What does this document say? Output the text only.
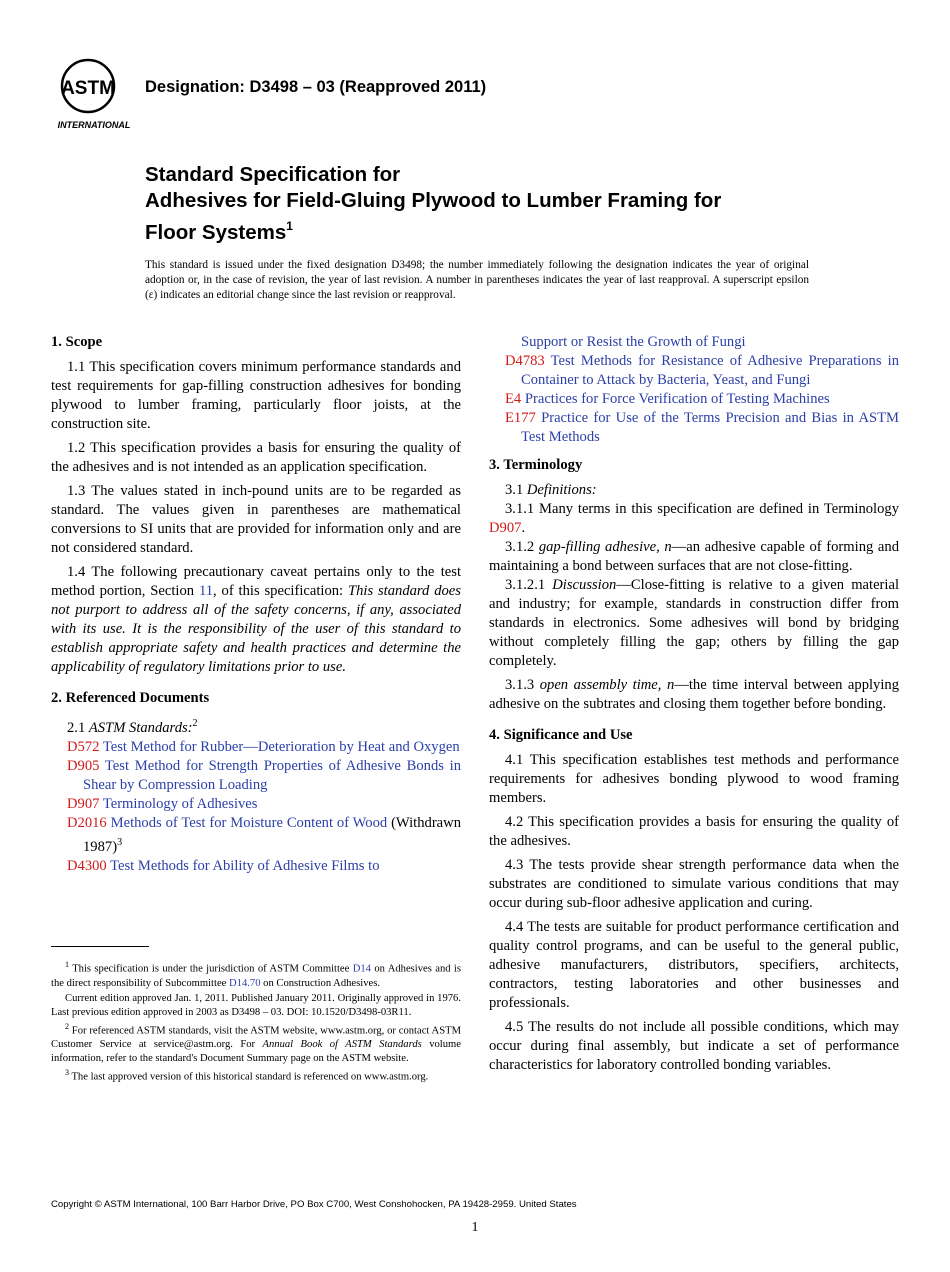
ASTM
INTERNATIONAL
Designation: D3498 – 03 (Reapproved 2011)
Standard Specification for
Adhesives for Field-Gluing Plywood to Lumber Framing for
Floor Systems$^1$
This standard is issued under the fixed designation D3498; the number immediately following the designation indicates the year of original adoption or, in the case of revision, the year of last revision. A number in parentheses indicates the year of last reapproval. A superscript epsilon (ε) indicates an editorial change since the last revision or reapproval.
1. Scope

1.1 This specification covers minimum performance standards and test requirements for gap-filling construction adhesives for bonding plywood to lumber framing, particularly floor joists, at the construction site.

1.2 This specification provides a basis for ensuring the quality of the adhesives and is not intended as an application specification.

1.3 The values stated in inch-pound units are to be regarded as standard. The values given in parentheses are mathematical conversions to SI units that are provided for information only and are not considered standard.

1.4 The following precautionary caveat pertains only to the test method portion, Section 11, of this specification: This standard does not purport to address all of the safety concerns, if any, associated with its use. It is the responsibility of the user of this standard to establish appropriate safety and health practices and determine the applicability of regulatory limitations prior to use.

2. Referenced Documents

2.1 ASTM Standards:$^2$

D572 Test Method for Rubber—Deterioration by Heat and Oxygen
D905 Test Method for Strength Properties of Adhesive Bonds in Shear by Compression Loading
D907 Terminology of Adhesives
D2016 Methods of Test for Moisture Content of Wood (Withdrawn 1987)$^3$
D4300 Test Methods for Ability of Adhesive Films to

$^1$ This specification is under the jurisdiction of ASTM Committee D14 on Adhesives and is the direct responsibility of Subcommittee D14.70 on Construction Adhesives.

Current edition approved Jan. 1, 2011. Published January 2011. Originally approved in 1976. Last previous edition approved in 2003 as D3498 – 03. DOI: 10.1520/D3498-03R11.

$^2$ For referenced ASTM standards, visit the ASTM website, www.astm.org, or contact ASTM Customer Service at service@astm.org. For Annual Book of ASTM Standards volume information, refer to the standard's Document Summary page on the ASTM website.

$^3$ The last approved version of this historical standard is referenced on www.astm.org.

Support or Resist the Growth of Fungi
D4783 Test Methods for Resistance of Adhesive Preparations in Container to Attack by Bacteria, Yeast, and Fungi
E4 Practices for Force Verification of Testing Machines
E177 Practice for Use of the Terms Precision and Bias in ASTM Test Methods
3. Terminology

3.1 Definitions:

3.1.1 Many terms in this specification are defined in Terminology D907.

3.1.2 gap-filling adhesive, n—an adhesive capable of forming and maintaining a bond between surfaces that are not close-fitting.

3.1.2.1 Discussion—Close-fitting is relative to a given material and industry; for example, standards in construction differ from standards in electronics. Some adhesives will bond by bridging without completely filling the gap; others by filling the gap completely.

3.1.3 open assembly time, n—the time interval between applying adhesive on the subtrates and closing them together before bonding.

4. Significance and Use

4.1 This specification establishes test methods and performance requirements for adhesives bonding plywood to wood framing members.

4.2 This specification provides a basis for ensuring the quality of the adhesives.

4.3 The tests provide shear strength performance data when the substrates are conditioned to simulate various conditions that may occur during sub-floor adhesive application and curing.

4.4 The tests are suitable for product performance certification and quality control programs, and can be useful to the general public, adhesive manufacturers, distributors, specifiers, architects, contractors, testing laboratories and other businesses and professionals.

4.5 The results do not include all possible conditions, which may occur during final assembly, but indicate a set of performance characteristics for laboratory controlled bonding variables.

Copyright © ASTM International, 100 Barr Harbor Drive, PO Box C700, West Conshohocken, PA 19428-2959. United States
1
